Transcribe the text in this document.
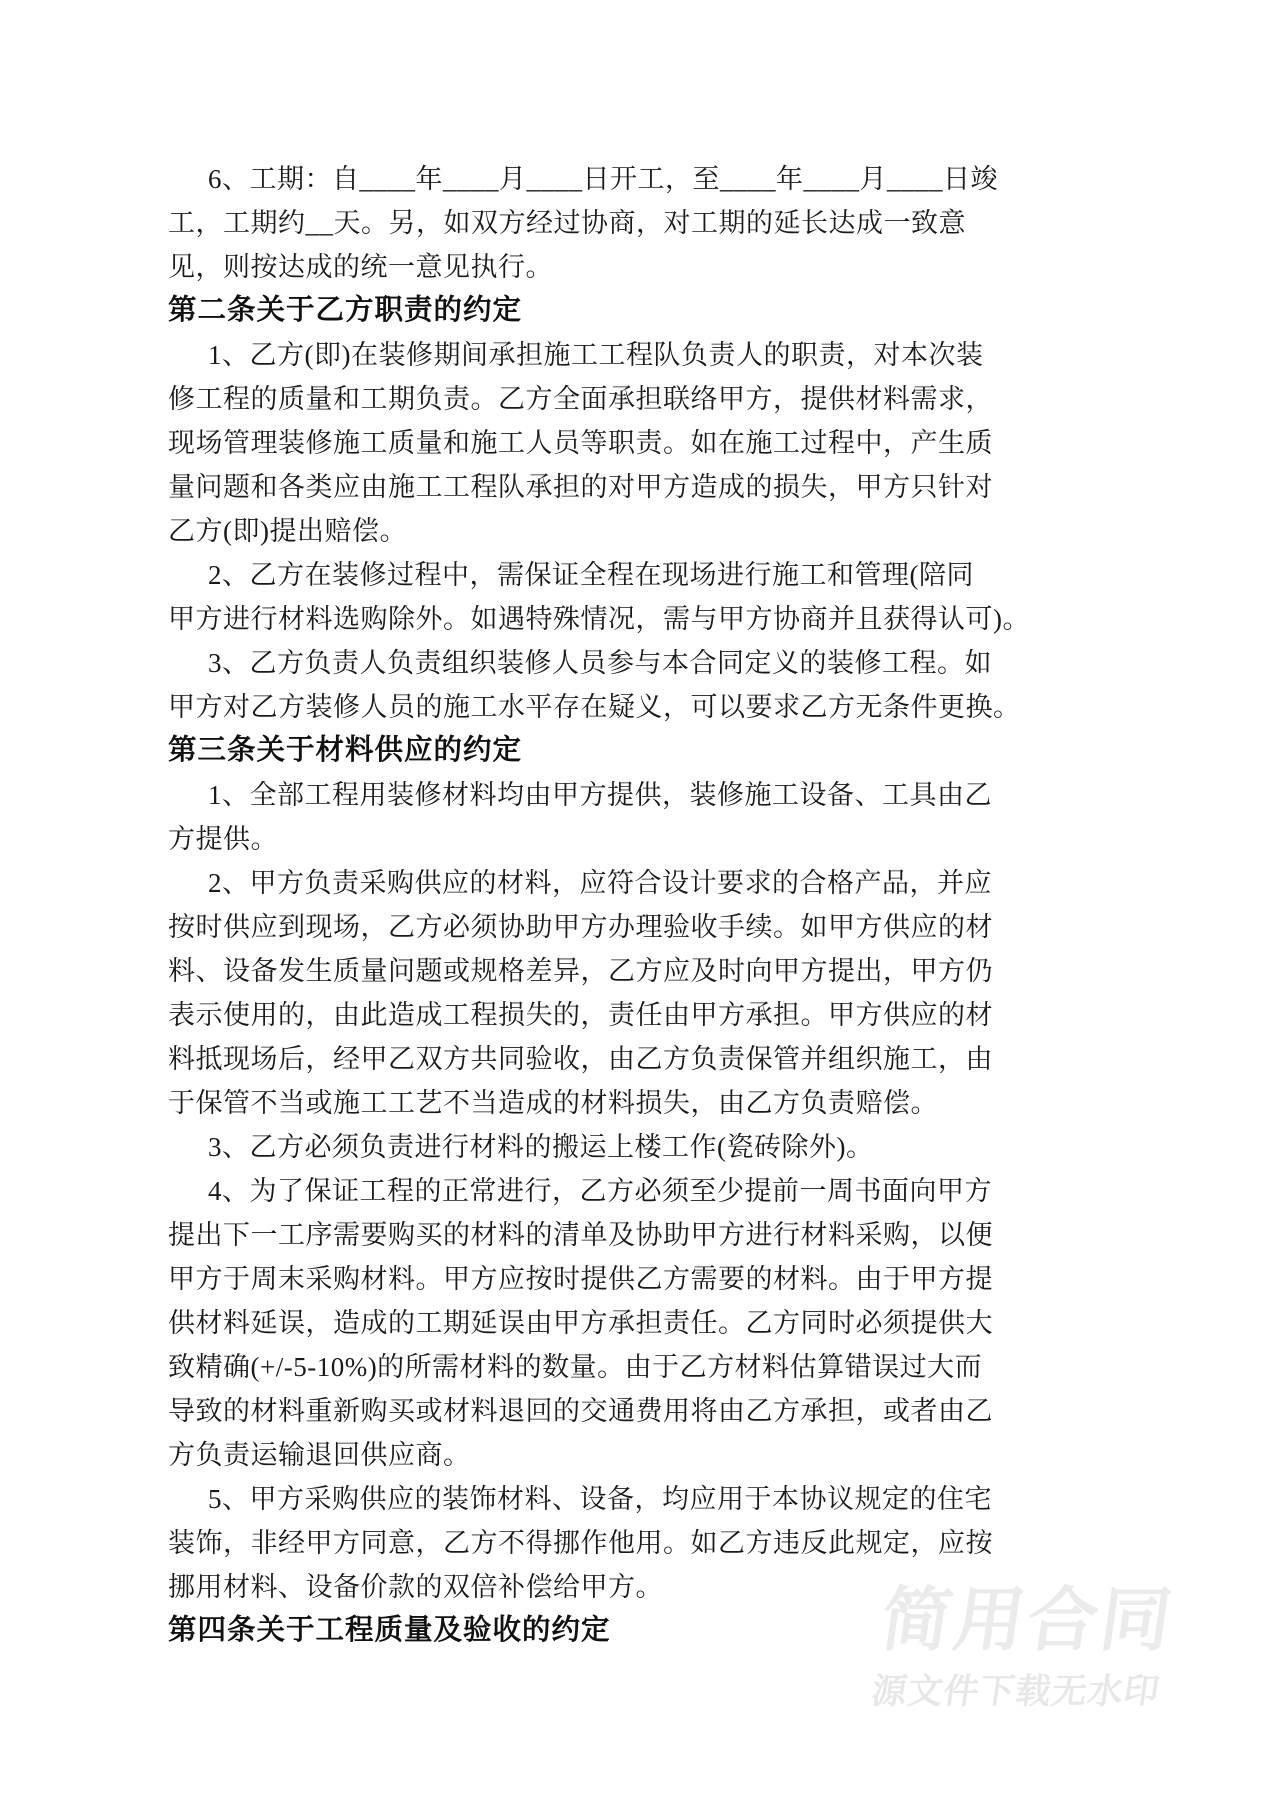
6、工期：自____年____月____日开工，至____年____月____日竣
工，工期约__天。另，如双方经过协商，对工期的延长达成一致意
见，则按达成的统一意见执行。
第二条关于乙方职责的约定
1、乙方(即)在装修期间承担施工工程队负责人的职责，对本次装
修工程的质量和工期负责。乙方全面承担联络甲方，提供材料需求，
现场管理装修施工质量和施工人员等职责。如在施工过程中，产生质
量问题和各类应由施工工程队承担的对甲方造成的损失，甲方只针对
乙方(即)提出赔偿。
2、乙方在装修过程中，需保证全程在现场进行施工和管理(陪同
甲方进行材料选购除外。如遇特殊情况，需与甲方协商并且获得认可)。
3、乙方负责人负责组织装修人员参与本合同定义的装修工程。如
甲方对乙方装修人员的施工水平存在疑义，可以要求乙方无条件更换。
第三条关于材料供应的约定
1、全部工程用装修材料均由甲方提供，装修施工设备、工具由乙
方提供。
2、甲方负责采购供应的材料，应符合设计要求的合格产品，并应
按时供应到现场，乙方必须协助甲方办理验收手续。如甲方供应的材
料、设备发生质量问题或规格差异，乙方应及时向甲方提出，甲方仍
表示使用的，由此造成工程损失的，责任由甲方承担。甲方供应的材
料抵现场后，经甲乙双方共同验收，由乙方负责保管并组织施工，由
于保管不当或施工工艺不当造成的材料损失，由乙方负责赔偿。
3、乙方必须负责进行材料的搬运上楼工作(瓷砖除外)。
4、为了保证工程的正常进行，乙方必须至少提前一周书面向甲方
提出下一工序需要购买的材料的清单及协助甲方进行材料采购，以便
甲方于周末采购材料。甲方应按时提供乙方需要的材料。由于甲方提
供材料延误，造成的工期延误由甲方承担责任。乙方同时必须提供大
致精确(+/-5-10%)的所需材料的数量。由于乙方材料估算错误过大而
导致的材料重新购买或材料退回的交通费用将由乙方承担，或者由乙
方负责运输退回供应商。
5、甲方采购供应的装饰材料、设备，均应用于本协议规定的住宅
装饰，非经甲方同意，乙方不得挪作他用。如乙方违反此规定，应按
挪用材料、设备价款的双倍补偿给甲方。
第四条关于工程质量及验收的约定	简用合同
源文件下载无水印
